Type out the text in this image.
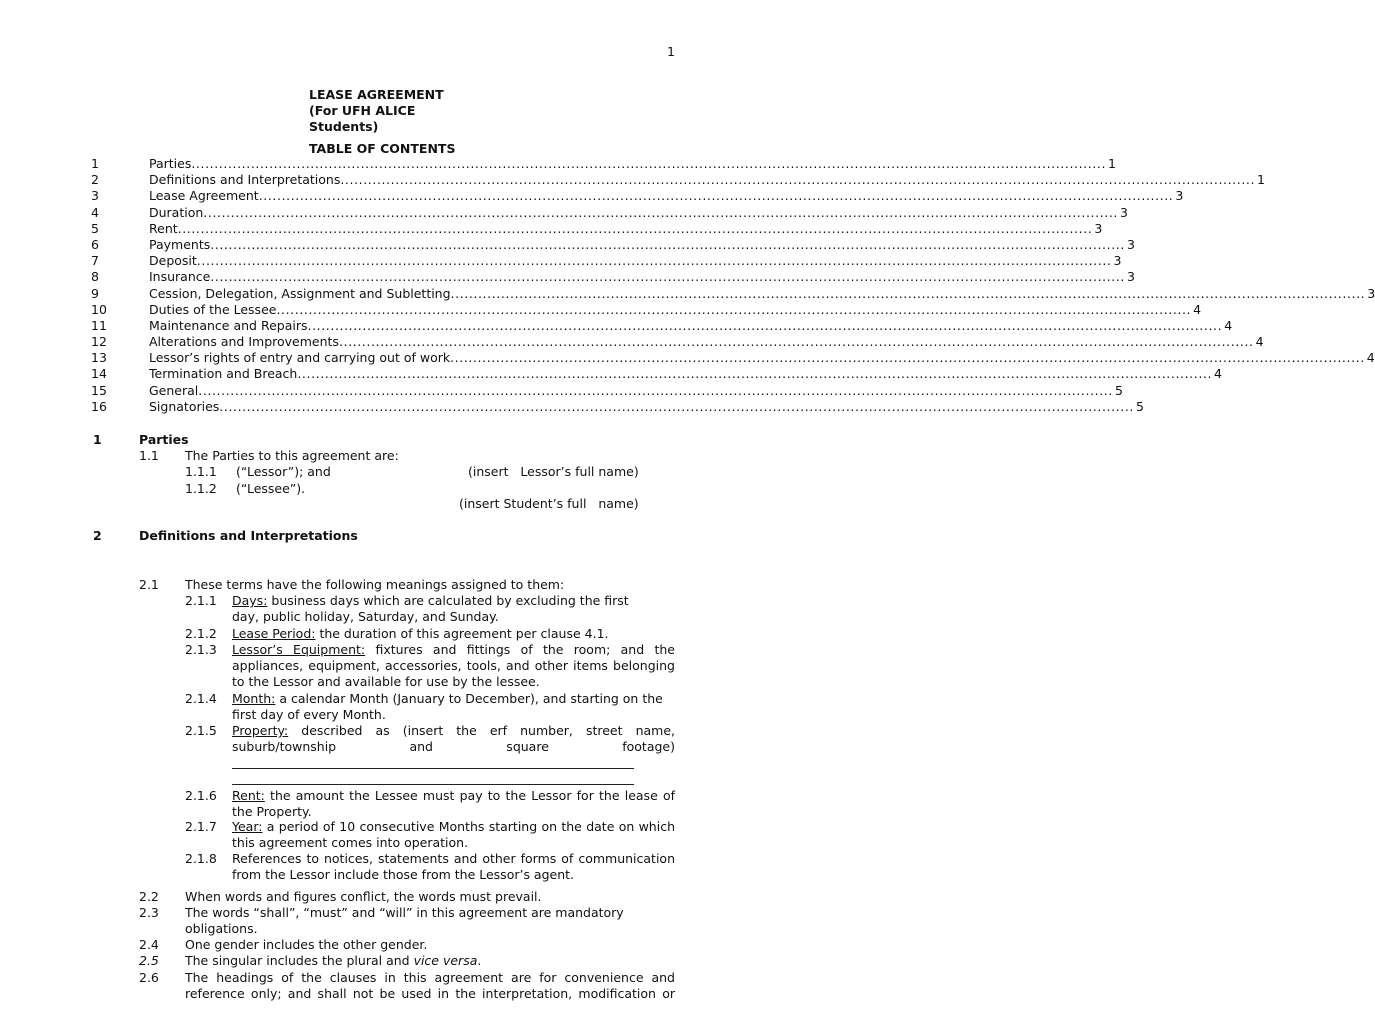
1
LEASE AGREEMENT
(For UFH ALICE
Students)
TABLE OF CONTENTS
1	Parties ........................................................................................................................................................................................................ 1
2	Definitions and Interpretations ........................................................................................................................................................................................................ 1
3	Lease Agreement ........................................................................................................................................................................................................ 3
4	Duration ........................................................................................................................................................................................................ 3
5	Rent ........................................................................................................................................................................................................ 3
6	Payments ........................................................................................................................................................................................................ 3
7	Deposit ........................................................................................................................................................................................................ 3
8	Insurance ........................................................................................................................................................................................................ 3
9	Cession, Delegation, Assignment and Subletting ........................................................................................................................................................................................................ 3
10	Duties of the Lessee ........................................................................................................................................................................................................ 4
11	Maintenance and Repairs ........................................................................................................................................................................................................ 4
12	Alterations and Improvements ........................................................................................................................................................................................................ 4
13	Lessor’s rights of entry and carrying out of work ........................................................................................................................................................................................................ 4
14	Termination and Breach ........................................................................................................................................................................................................ 4
15	General ........................................................................................................................................................................................................ 5
16	Signatories ........................................................................................................................................................................................................ 5
1	Parties
1.1 The Parties to this agreement are:
1.1.1 (“Lessor”); and	(insert   Lessor’s full name)
1.1.2 (“Lessee”).
(insert Student’s full   name)
2	Definitions and Interpretations
2.1 These terms have the following meanings assigned to them:
2.1.1 Days: business days which are calculated by excluding the first day, public holiday, Saturday, and Sunday.
2.1.2 Lease Period: the duration of this agreement per clause 4.1.
2.1.3 Lessor’s Equipment: fixtures and fittings of the room; and the appliances, equipment, accessories, tools, and other items belonging to the Lessor and available for use by the lessee.
2.1.4 Month: a calendar Month (January to December), and starting on the first day of every Month.
2.1.5 Property: described as (insert the erf number, street name, suburb/township and square footage)
2.1.6 Rent: the amount the Lessee must pay to the Lessor for the lease of the Property.
2.1.7 Year: a period of 10 consecutive Months starting on the date on which this agreement comes into operation.
2.1.8 References to notices, statements and other forms of communication from the Lessor include those from the Lessor’s agent.
2.2 When words and figures conflict, the words must prevail.
2.3 The words “shall”, “must” and “will” in this agreement are mandatory obligations.
2.4 One gender includes the other gender.
2.5 The singular includes the plural and vice versa.
2.6 The headings of the clauses in this agreement are for convenience and reference only; and shall not be used in the interpretation, modification or
